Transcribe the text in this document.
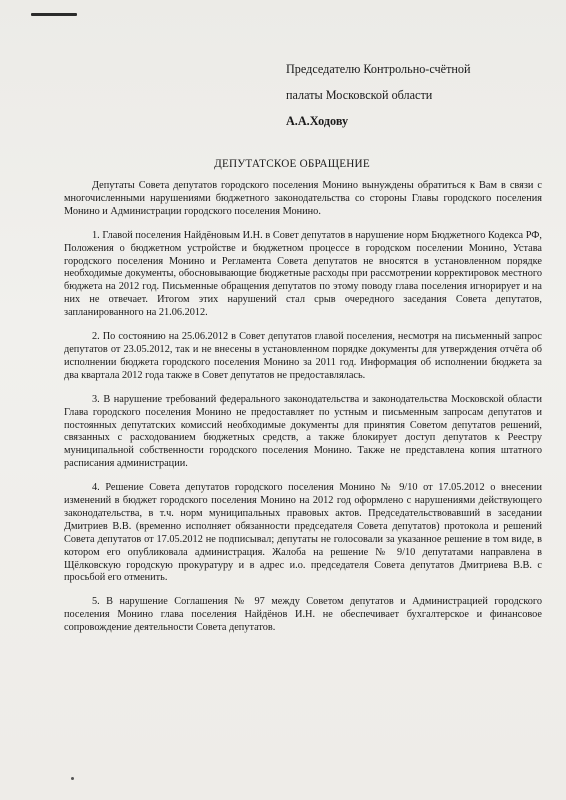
Председателю Контрольно-счётной
палаты Московской области
А.А.Ходову
ДЕПУТАТСКОЕ ОБРАЩЕНИЕ

Депутаты Совета депутатов городского поселения Монино вынуждены обратиться к Вам в связи с многочисленными нарушениями бюджетного законодательства со стороны Главы городского поселения Монино и Администрации городского поселения Монино.

1. Главой поселения Найдёновым И.Н. в Совет депутатов в нарушение норм Бюджетного Кодекса РФ, Положения о бюджетном устройстве и бюджетном процессе в городском поселении Монино, Устава городского поселения Монино и Регламента Совета депутатов не вносятся в установленном порядке необходимые документы, обосновывающие бюджетные расходы при рассмотрении корректировок местного бюджета на 2012 год. Письменные обращения депутатов по этому поводу глава поселения игнорирует и на них не отвечает. Итогом этих нарушений стал срыв очередного заседания Совета депутатов, запланированного на 21.06.2012.

2. По состоянию на 25.06.2012 в Совет депутатов главой поселения, несмотря на письменный запрос депутатов от 23.05.2012, так и не внесены в установленном порядке документы для утверждения отчёта об исполнении бюджета городского поселения Монино за 2011 год. Информация об исполнении бюджета за два квартала 2012 года также в Совет депутатов не предоставлялась.

3. В нарушение требований федерального законодательства и законодательства Московской области Глава городского поселения Монино не предоставляет по устным и письменным запросам депутатов и постоянных депутатских комиссий необходимые документы для принятия Советом депутатов решений, связанных с расходованием бюджетных средств, а также блокирует доступ депутатов к Реестру муниципальной собственности городского поселения Монино. Также не представлена копия штатного расписания администрации.

4. Решение Совета депутатов городского поселения Монино № 9/10 от 17.05.2012 о внесении изменений в бюджет городского поселения Монино на 2012 год оформлено с нарушениями действующего законодательства, в т.ч. норм муниципальных правовых актов. Председательствовавший в заседании Дмитриев В.В. (временно исполняет обязанности председателя Совета депутатов) протокола и решений Совета депутатов от 17.05.2012 не подписывал; депутаты не голосовали за указанное решение в том виде, в котором его опубликовала администрация. Жалоба на решение № 9/10 депутатами направлена в Щёлковскую городскую прокуратуру и в адрес и.о. председателя Совета депутатов Дмитриева В.В. с просьбой его отменить.

5. В нарушение Соглашения № 97 между Советом депутатов и Администрацией городского поселения Монино глава поселения Найдёнов И.Н. не обеспечивает бухгалтерское и финансовое сопровождение деятельности Совета депутатов.
